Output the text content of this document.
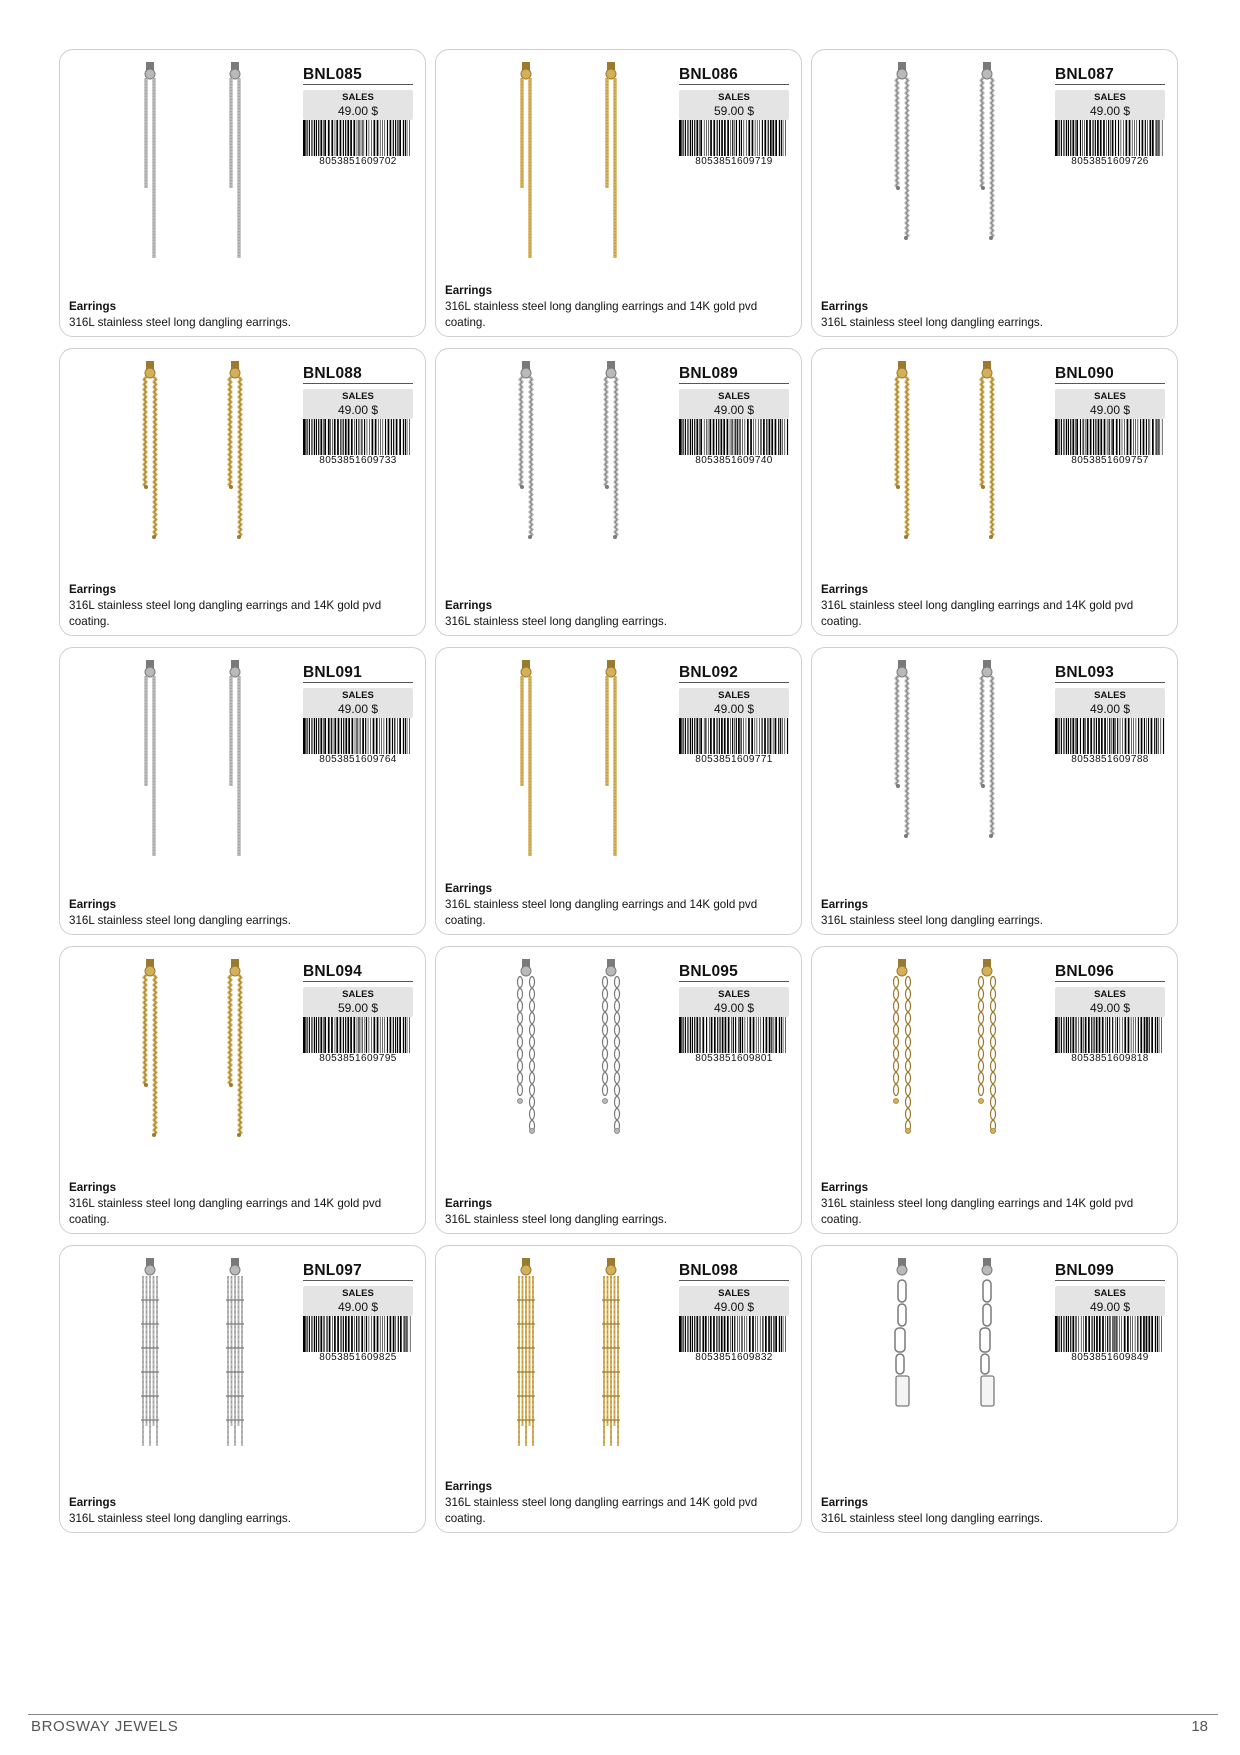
BNL085
SALES
49.00 $
8053851609702
Earrings
316L stainless steel long dangling earrings.
BNL086
SALES
59.00 $
8053851609719
Earrings
316L stainless steel long dangling earrings and 14K gold pvd coating.
BNL087
SALES
49.00 $
8053851609726
Earrings
316L stainless steel long dangling earrings.
BNL088
SALES
49.00 $
8053851609733
Earrings
316L stainless steel long dangling earrings and 14K gold pvd coating.
BNL089
SALES
49.00 $
8053851609740
Earrings
316L stainless steel long dangling earrings.
BNL090
SALES
49.00 $
8053851609757
Earrings
316L stainless steel long dangling earrings and 14K gold pvd coating.
BNL091
SALES
49.00 $
8053851609764
Earrings
316L stainless steel long dangling earrings.
BNL092
SALES
49.00 $
8053851609771
Earrings
316L stainless steel long dangling earrings and 14K gold pvd coating.
BNL093
SALES
49.00 $
8053851609788
Earrings
316L stainless steel long dangling earrings.
BNL094
SALES
59.00 $
8053851609795
Earrings
316L stainless steel long dangling earrings and 14K gold pvd coating.
BNL095
SALES
49.00 $
8053851609801
Earrings
316L stainless steel long dangling earrings.
BNL096
SALES
49.00 $
8053851609818
Earrings
316L stainless steel long dangling earrings and 14K gold pvd coating.
BNL097
SALES
49.00 $
8053851609825
Earrings
316L stainless steel long dangling earrings.
BNL098
SALES
49.00 $
8053851609832
Earrings
316L stainless steel long dangling earrings and 14K gold pvd coating.
BNL099
SALES
49.00 $
8053851609849
Earrings
316L stainless steel long dangling earrings.
BROSWAY JEWELS	18
